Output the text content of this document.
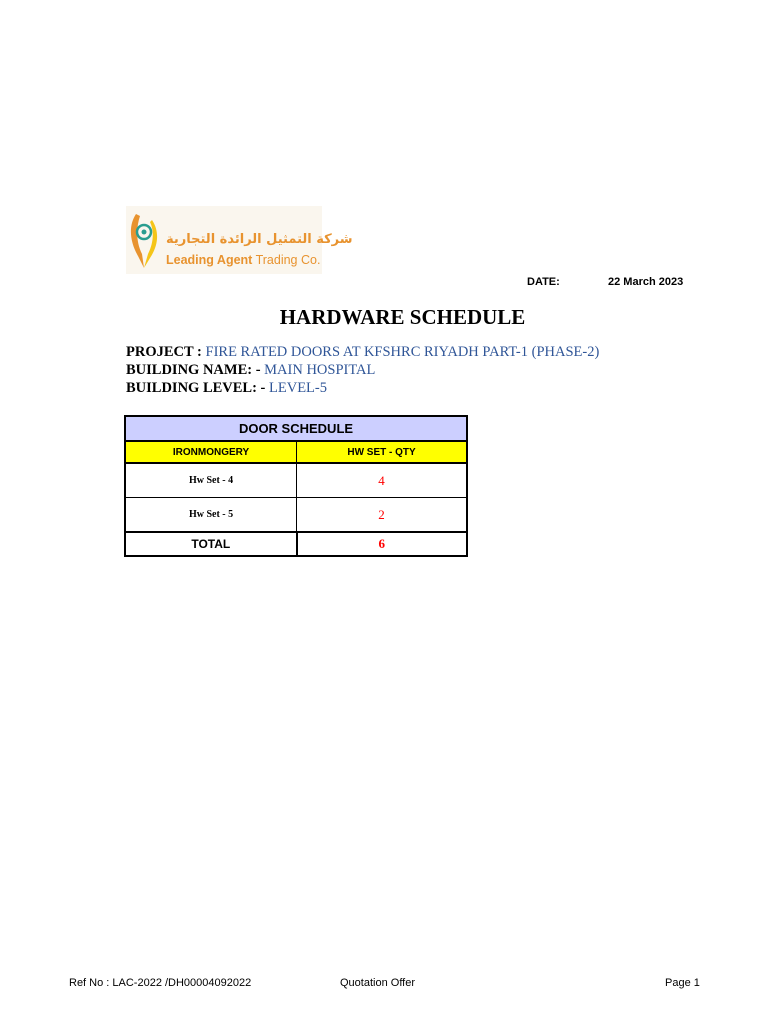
شركة التمثيل الرائدة التجارية
Leading Agent Trading Co.
DATE:	22 March 2023
HARDWARE SCHEDULE
PROJECT : FIRE RATED DOORS AT KFSHRC RIYADH PART-1 (PHASE-2)
BUILDING NAME: - MAIN HOSPITAL
BUILDING LEVEL: - LEVEL-5
DOOR SCHEDULE	
IRONMONGERY	HW SET - QTY
Hw Set - 4	4
Hw Set - 5	2
TOTAL	6
Ref No : LAC-2022 /DH00004092022	Quotation Offer	Page 1
